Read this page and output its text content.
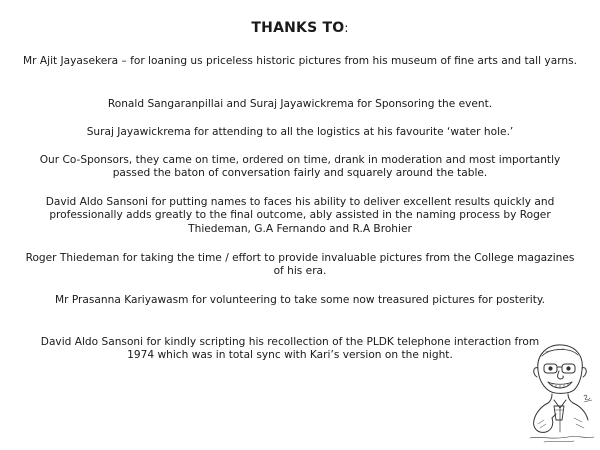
THANKS TO:
Mr Ajit Jayasekera – for loaning us priceless historic pictures from his museum of fine arts and tall yarns.
Ronald Sangaranpillai and Suraj Jayawickrema for Sponsoring the event.
Suraj Jayawickrema for attending to all the logistics at his favourite ‘water hole.’
Our Co-Sponsors, they came on time, ordered on time, drank in moderation and most importantly passed the baton of conversation fairly and squarely around the table.
David Aldo Sansoni for putting names to faces his ability to deliver excellent results quickly and professionally adds greatly to the final outcome, ably assisted in the naming process by Roger Thiedeman, G.A Fernando and R.A Brohier
Roger Thiedeman for taking the time / effort to provide invaluable pictures from the College magazines of his era.
Mr Prasanna Kariyawasm for volunteering to take some now treasured pictures for posterity.
David Aldo Sansoni for kindly scripting his recollection of the PLDK telephone interaction from 1974 which was in total sync with Kari’s version on the night.
